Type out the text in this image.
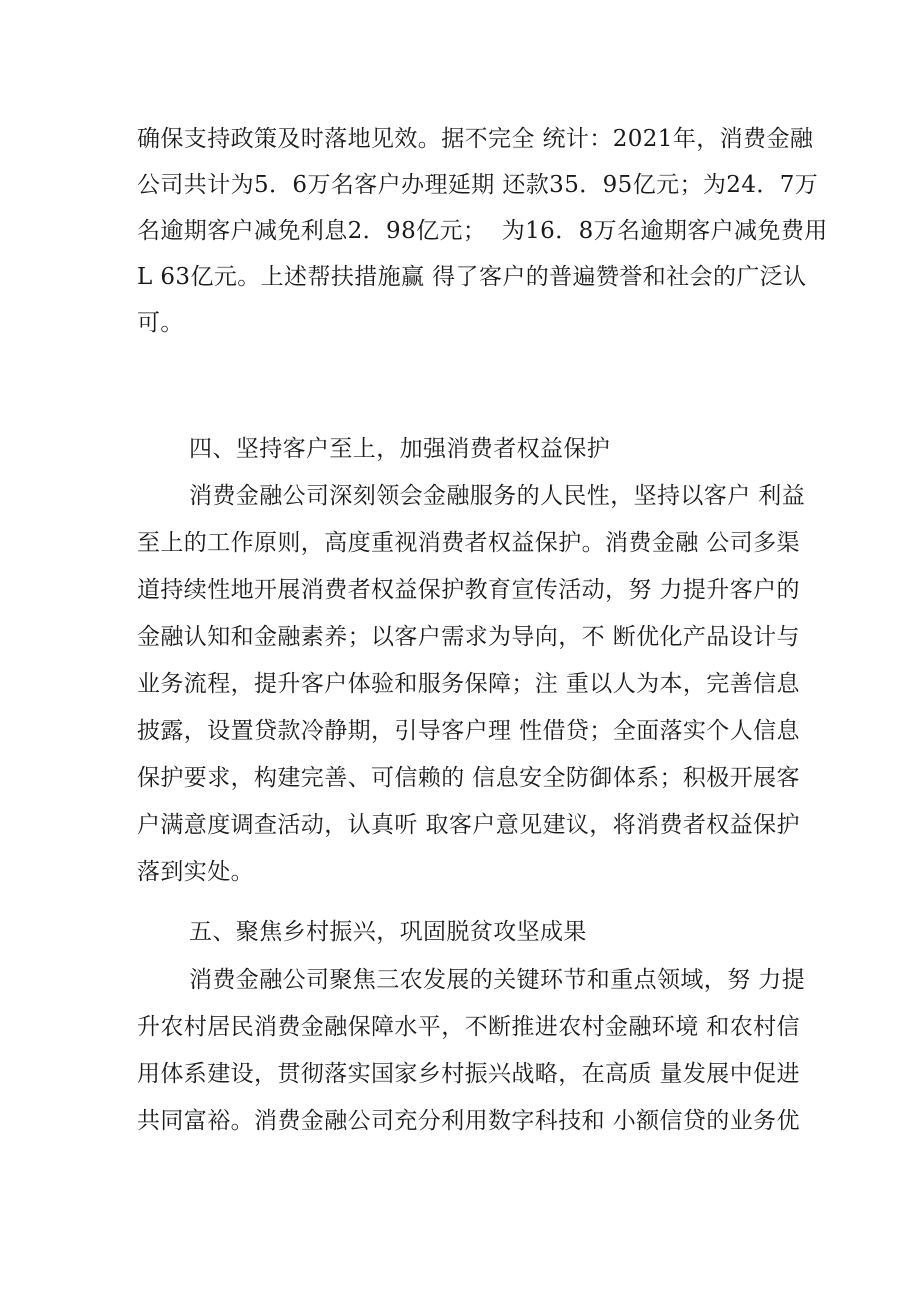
确保支持政策及时落地见效。据不完全 统计：2021年，消费金融
公司共计为5．6万名客户办理延期 还款35．95亿元；为24．7万
名逾期客户减免利息2．98亿元；  为16．8万名逾期客户减免费用
L 63亿元。上述帮扶措施赢 得了客户的普遍赞誉和社会的广泛认
可。
四、坚持客户至上，加强消费者权益保护
消费金融公司深刻领会金融服务的人民性，坚持以客户 利益
至上的工作原则，高度重视消费者权益保护。消费金融 公司多渠
道持续性地开展消费者权益保护教育宣传活动，努 力提升客户的
金融认知和金融素养；以客户需求为导向，不 断优化产品设计与
业务流程，提升客户体验和服务保障；注 重以人为本，完善信息
披露，设置贷款冷静期，引导客户理 性借贷；全面落实个人信息
保护要求，构建完善、可信赖的 信息安全防御体系；积极开展客
户满意度调查活动，认真听 取客户意见建议，将消费者权益保护
落到实处。
五、聚焦乡村振兴，巩固脱贫攻坚成果
消费金融公司聚焦三农发展的关键环节和重点领域，努 力提
升农村居民消费金融保障水平，不断推进农村金融环境 和农村信
用体系建设，贯彻落实国家乡村振兴战略，在高质 量发展中促进
共同富裕。消费金融公司充分利用数字科技和 小额信贷的业务优
